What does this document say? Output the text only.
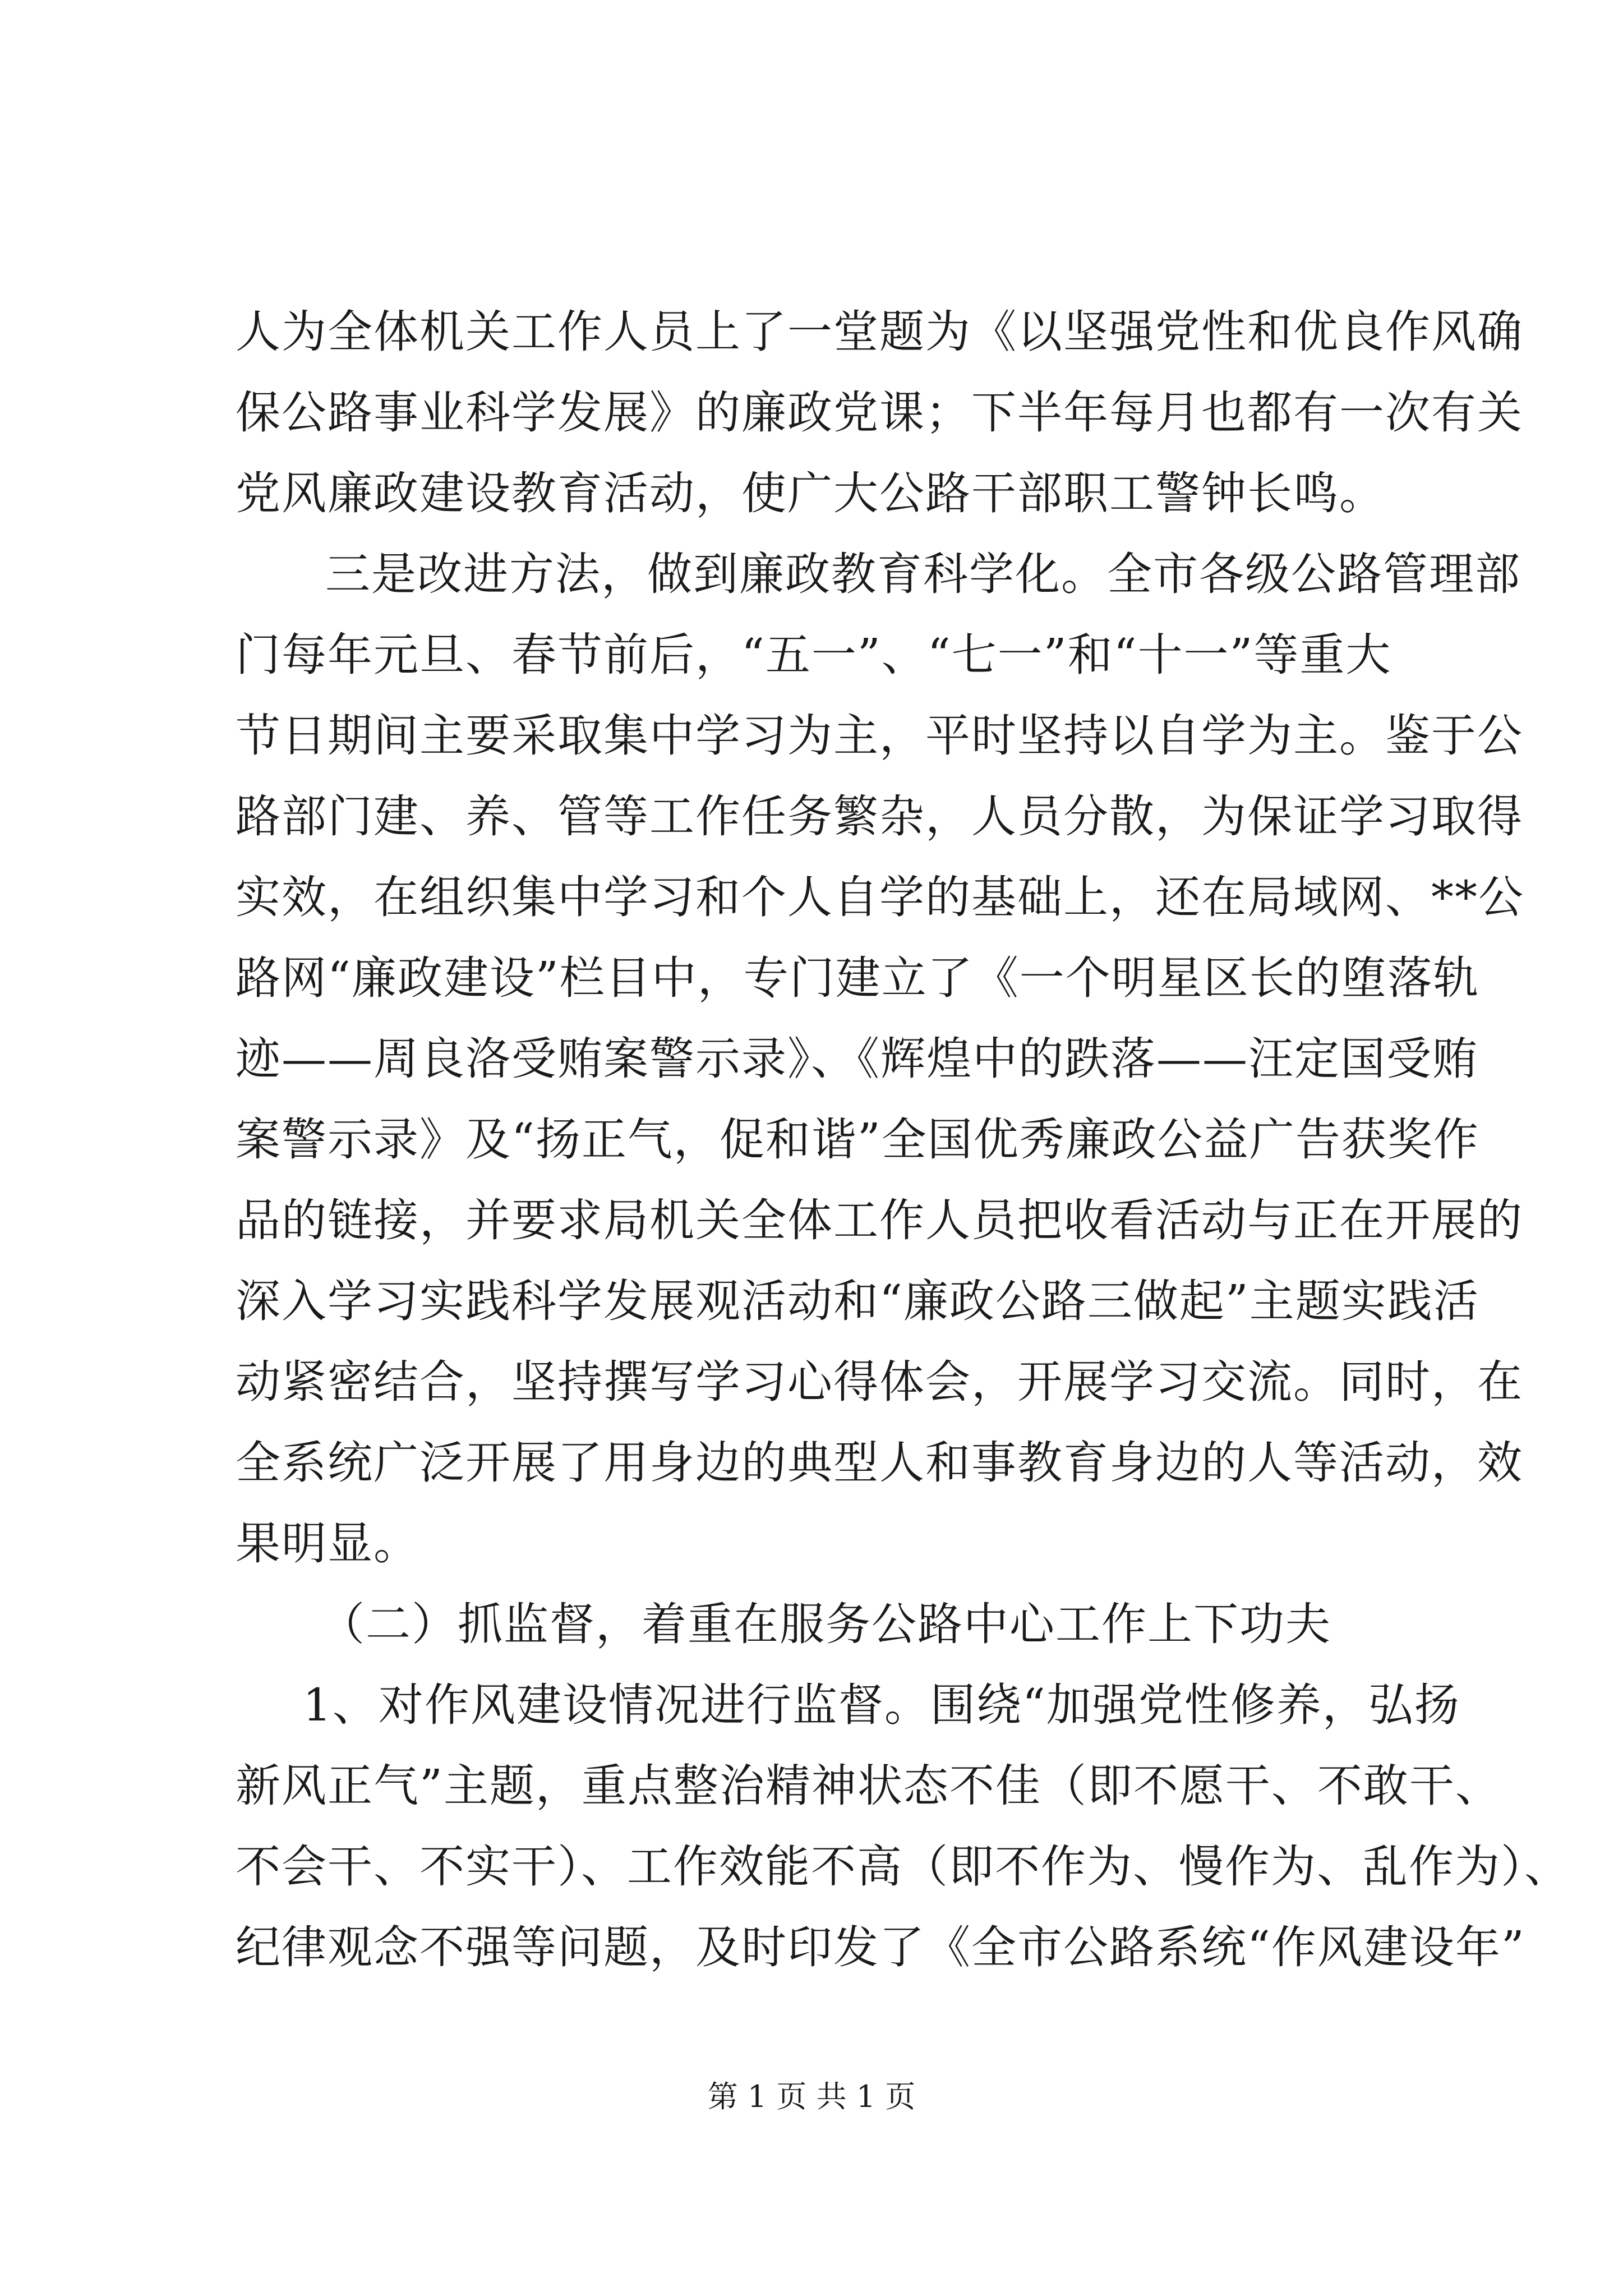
人为全体机关工作人员上了一堂题为《以坚强党性和优良作风确
保公路事业科学发展》的廉政党课；下半年每月也都有一次有关
党风廉政建设教育活动，使广大公路干部职工警钟长鸣。
三是改进方法，做到廉政教育科学化。全市各级公路管理部
门每年元旦、春节前后，“五一”、“七一”和“十一”等重大
节日期间主要采取集中学习为主，平时坚持以自学为主。鉴于公
路部门建、养、管等工作任务繁杂，人员分散，为保证学习取得
实效，在组织集中学习和个人自学的基础上，还在局域网、**公
路网“廉政建设”栏目中，专门建立了《一个明星区长的堕落轨
迹——周良洛受贿案警示录》、《辉煌中的跌落——汪定国受贿
案警示录》及“扬正气，促和谐”全国优秀廉政公益广告获奖作
品的链接，并要求局机关全体工作人员把收看活动与正在开展的
深入学习实践科学发展观活动和“廉政公路三做起”主题实践活
动紧密结合，坚持撰写学习心得体会，开展学习交流。同时，在
全系统广泛开展了用身边的典型人和事教育身边的人等活动，效
果明显。
（二）抓监督，着重在服务公路中心工作上下功夫
1、对作风建设情况进行监督。围绕“加强党性修养，弘扬
新风正气”主题，重点整治精神状态不佳（即不愿干、不敢干、
不会干、不实干）、工作效能不高（即不作为、慢作为、乱作为）、
纪律观念不强等问题，及时印发了《全市公路系统“作风建设年”
第 1 页 共 1 页
